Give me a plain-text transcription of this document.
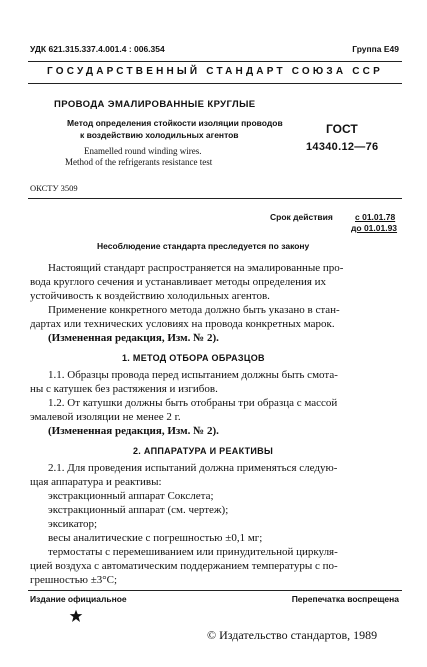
УДК 621.315.337.4.001.4 : 006.354	Группа Е49
ГОСУДАРСТВЕННЫЙ СТАНДАРТ СОЮЗА ССР
ПРОВОДА ЭМАЛИРОВАННЫЕ КРУГЛЫЕ
Метод определения стойкости изоляции проводов
к воздействию холодильных агентов
Enamelled round winding wires.
Method of the refrigerants resistance test
ГОСТ
14340.12—76
ОКСТУ 3509
Срок действия	с 01.01.78
до 01.01.93
Несоблюдение стандарта преследуется по закону
Настоящий стандарт распространяется на эмалированные про-
вода круглого сечения и устанавливает методы определения их
устойчивость к воздействию холодильных агентов.
Применение конкретного метода должно быть указано в стан-
дартах или технических условиях на провода конкретных марок.
(Измененная редакция, Изм. № 2).
1. МЕТОД ОТБОРА ОБРАЗЦОВ
1.1. Образцы провода перед испытанием должны быть смота-
ны с катушек без растяжения и изгибов.
1.2. От катушки должны быть отобраны три образца с массой
эмалевой изоляции не менее 2 г.
(Измененная редакция, Изм. № 2).
2. АППАРАТУРА И РЕАКТИВЫ
2.1. Для проведения испытаний должна применяться следую-
щая аппаратура и реактивы:
экстракционный аппарат Сокслета;
экстракционный аппарат (см. чертеж);
эксикатор;
весы аналитические с погрешностью ±0,1 мг;
термостаты с перемешиванием или принудительной циркуля-
цией воздуха с автоматическим поддержанием температуры с по-
грешностью ±3°С;
Издание официальное	Перепечатка воспрещена
© Издательство стандартов, 1989
